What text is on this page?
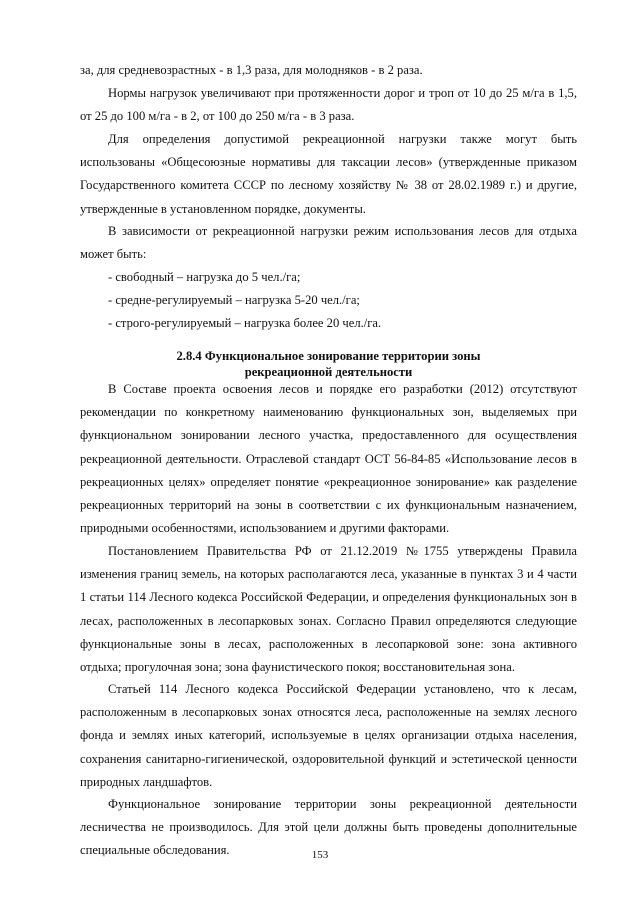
за, для средневозрастных - в 1,3 раза, для молодняков - в 2 раза.

Нормы нагрузок увеличивают при протяженности дорог и троп от 10 до 25 м/га в 1,5, от 25 до 100 м/га - в 2, от 100 до 250 м/га - в 3 раза.

Для определения допустимой рекреационной нагрузки также могут быть использованы «Общесоюзные нормативы для таксации лесов» (утвержденные приказом Государственного комитета СССР по лесному хозяйству № 38 от 28.02.1989 г.) и другие, утвержденные в установленном порядке, документы.

В зависимости от рекреационной нагрузки режим использования лесов для отдыха может быть:

- свободный – нагрузка до 5 чел./га;

- средне-регулируемый – нагрузка 5-20 чел./га;

- строго-регулируемый – нагрузка более 20 чел./га.

2.8.4 Функциональное зонирование территории зоны

рекреационной деятельности

В Составе проекта освоения лесов и порядке его разработки (2012) отсутствуют рекомендации по конкретному наименованию функциональных зон, выделяемых при функциональном зонировании лесного участка, предоставленного для осуществления рекреационной деятельности. Отраслевой стандарт ОСТ 56-84-85 «Использование лесов в рекреационных целях» определяет понятие «рекреационное зонирование» как разделение рекреационных территорий на зоны в соответствии с их функциональным назначением, природными особенностями, использованием и другими факторами.

Постановлением Правительства РФ от 21.12.2019 №1755 утверждены Правила изменения границ земель, на которых располагаются леса, указанные в пунктах 3 и 4 части 1 статьи 114 Лесного кодекса Российской Федерации, и определения функциональных зон в лесах, расположенных в лесопарковых зонах. Согласно Правил определяются следующие функциональные зоны в лесах, расположенных в лесопарковой зоне: зона активного отдыха; прогулочная зона; зона фаунистического покоя; восстановительная зона.

Статьей 114 Лесного кодекса Российской Федерации установлено, что к лесам, расположенным в лесопарковых зонах относятся леса, расположенные на землях лесного фонда и землях иных категорий, используемые в целях организации отдыха населения, сохранения санитарно-гигиенической, оздоровительной функций и эстетической ценности природных ландшафтов.

Функциональное зонирование территории зоны рекреационной деятельности лесничества не производилось. Для этой цели должны быть проведены дополнительные специальные обследования.	153
